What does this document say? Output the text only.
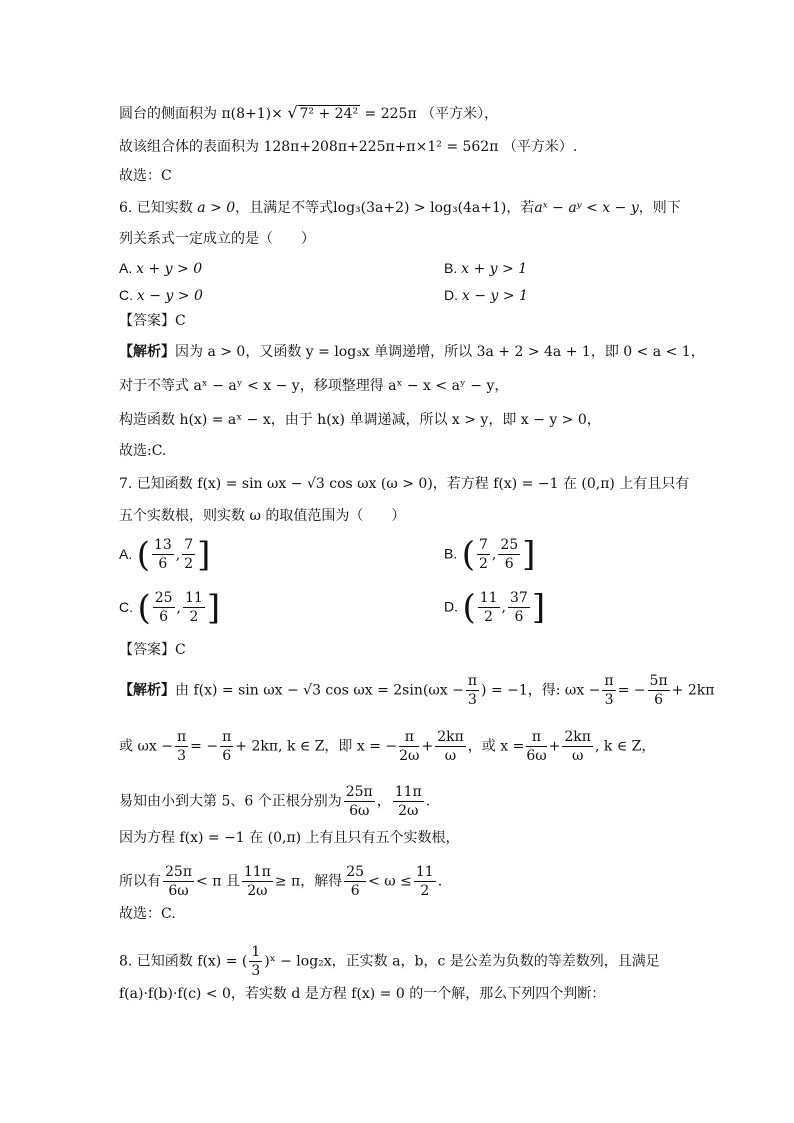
圆台的侧面积为 π(8+1)× √ 7² + 24² = 225π （平方米），
故该组合体的表面积为 128π+208π+225π+π×1² = 562π （平方米）.
故选：C
6. 已知实数 a > 0，且满足不等式log₃(3a+2) > log₃(4a+1)，若aˣ − aʸ < x − y，则下
列关系式一定成立的是（　　）
A. x + y > 0	B. x + y > 1
C. x − y > 0	D. x − y > 1
【答案】C
【解析】因为 a > 0，又函数 y = log₃x 单调递增，所以 3a + 2 > 4a + 1，即 0 < a < 1，
对于不等式 aˣ − aʸ < x − y，移项整理得 aˣ − x < aʸ − y，
构造函数 h(x) = aˣ − x，由于 h(x) 单调递减，所以 x > y，即 x − y > 0，
故选:C.
7. 已知函数 f(x) = sin ωx − √3 cos ωx (ω > 0)，若方程 f(x) = −1 在 (0,π) 上有且只有
五个实数根，则实数 ω 的取值范围为（　　）
A. ( $\frac{13}{6}$ , $\frac{7}{2}$ ]	B. ( $\frac{7}{2}$ , $\frac{25}{6}$ ]
C. ( $\frac{25}{6}$ , $\frac{11}{2}$ ]	D. ( $\frac{11}{2}$ , $\frac{37}{6}$ ]
【答案】C
【解析】由 f(x) = sin ωx − √3 $\cos \omega x = 2\sin(\omega x - \frac{\pi}{3}$ ) = −1，得: $\omega x - \frac{\pi}{3}$ = − $\frac{5\pi}{6} + 2k\pi$
或 $\omega x - \frac{\pi}{3}$ = − $\frac{\pi}{6} + 2k\pi$, k ∈ Z，即 x = − $\frac{\pi}{2\omega} + \frac{2k\pi}{\omega}$ ，或 $x = \frac{\pi}{6\omega} + \frac{2k\pi}{\omega}$ , k ∈ Z，
易知由小到大第 5、6 个正根分别为 $\frac{25\pi}{6\omega}$ ， $\frac{11\pi}{2\omega}$ .
因为方程 f(x) = −1 在 (0,π) 上有且只有五个实数根，
所以有 $\frac{25\pi}{6\omega} < \pi$ 且 $\frac{11\pi}{2\omega} \ge \pi$，解得 $\frac{25}{6} < \omega \le \frac{11}{2}$ .
故选：C.
8. 已知函数 f(x) = ( $\frac{1}{3}$ )ˣ − log₂x，正实数 a，b，c 是公差为负数的等差数列，且满足
f(a)·f(b)·f(c) < 0，若实数 d 是方程 f(x) = 0 的一个解，那么下列四个判断：
